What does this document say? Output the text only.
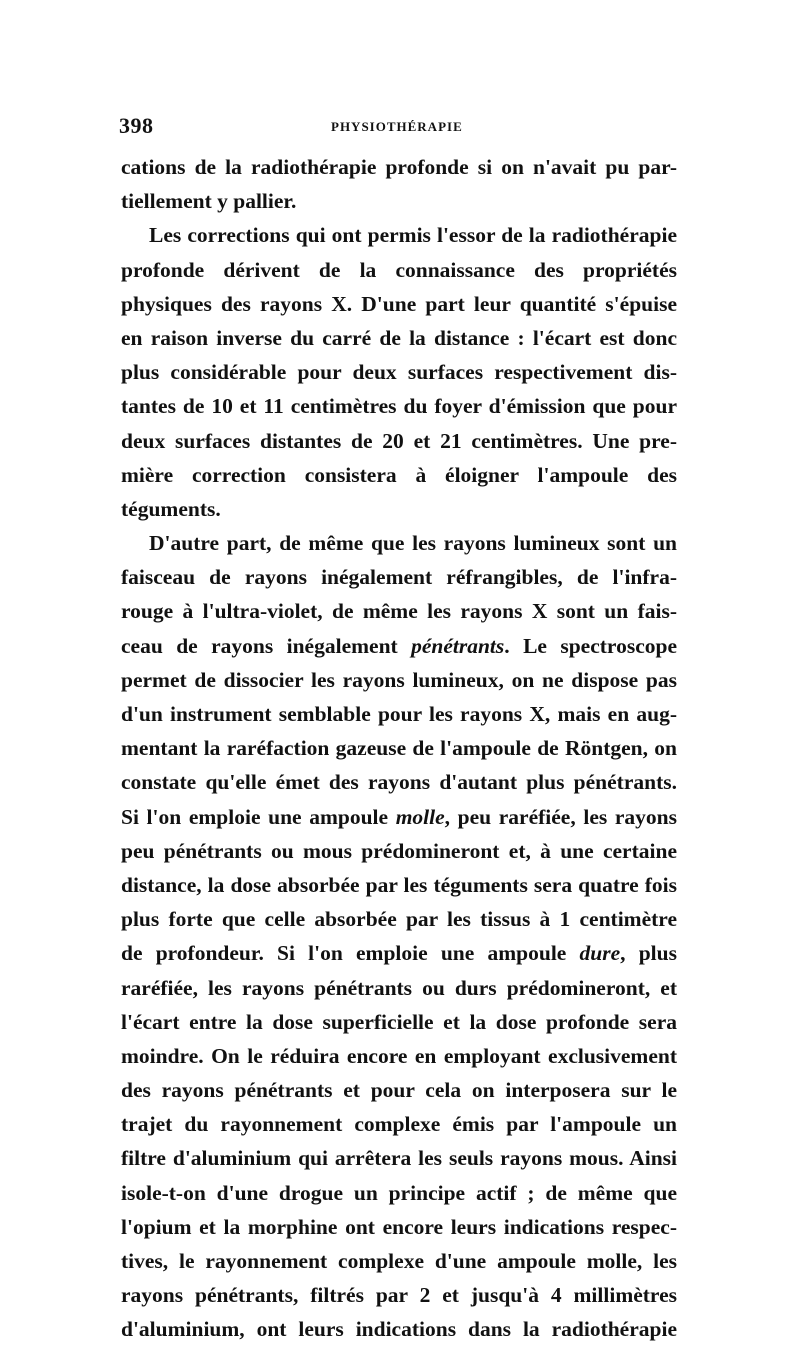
398	PHYSIOTHÉRAPIE
cations de la radiothérapie profonde si on n'avait pu par-
tiellement y pallier.
Les corrections qui ont permis l'essor de la radiothérapie
profonde dérivent de la connaissance des propriétés
physiques des rayons X. D'une part leur quantité s'épuise
en raison inverse du carré de la distance : l'écart est donc
plus considérable pour deux surfaces respectivement dis-
tantes de 10 et 11 centimètres du foyer d'émission que pour
deux surfaces distantes de 20 et 21 centimètres. Une pre-
mière correction consistera à éloigner l'ampoule des
téguments.
D'autre part, de même que les rayons lumineux sont un
faisceau de rayons inégalement réfrangibles, de l'infra-
rouge à l'ultra-violet, de même les rayons X sont un fais-
ceau de rayons inégalement pénétrants. Le spectroscope
permet de dissocier les rayons lumineux, on ne dispose pas
d'un instrument semblable pour les rayons X, mais en aug-
mentant la raréfaction gazeuse de l'ampoule de Röntgen, on
constate qu'elle émet des rayons d'autant plus pénétrants.
Si l'on emploie une ampoule molle, peu raréfiée, les rayons
peu pénétrants ou mous prédomineront et, à une certaine
distance, la dose absorbée par les téguments sera quatre fois
plus forte que celle absorbée par les tissus à 1 centimètre
de profondeur. Si l'on emploie une ampoule dure, plus
raréfiée, les rayons pénétrants ou durs prédomineront, et
l'écart entre la dose superficielle et la dose profonde sera
moindre. On le réduira encore en employant exclusivement
des rayons pénétrants et pour cela on interposera sur le
trajet du rayonnement complexe émis par l'ampoule un
filtre d'aluminium qui arrêtera les seuls rayons mous. Ainsi
isole-t-on d'une drogue un principe actif ; de même que
l'opium et la morphine ont encore leurs indications respec-
tives, le rayonnement complexe d'une ampoule molle, les
rayons pénétrants, filtrés par 2 et jusqu'à 4 millimètres
d'aluminium, ont leurs indications dans la radiothérapie
